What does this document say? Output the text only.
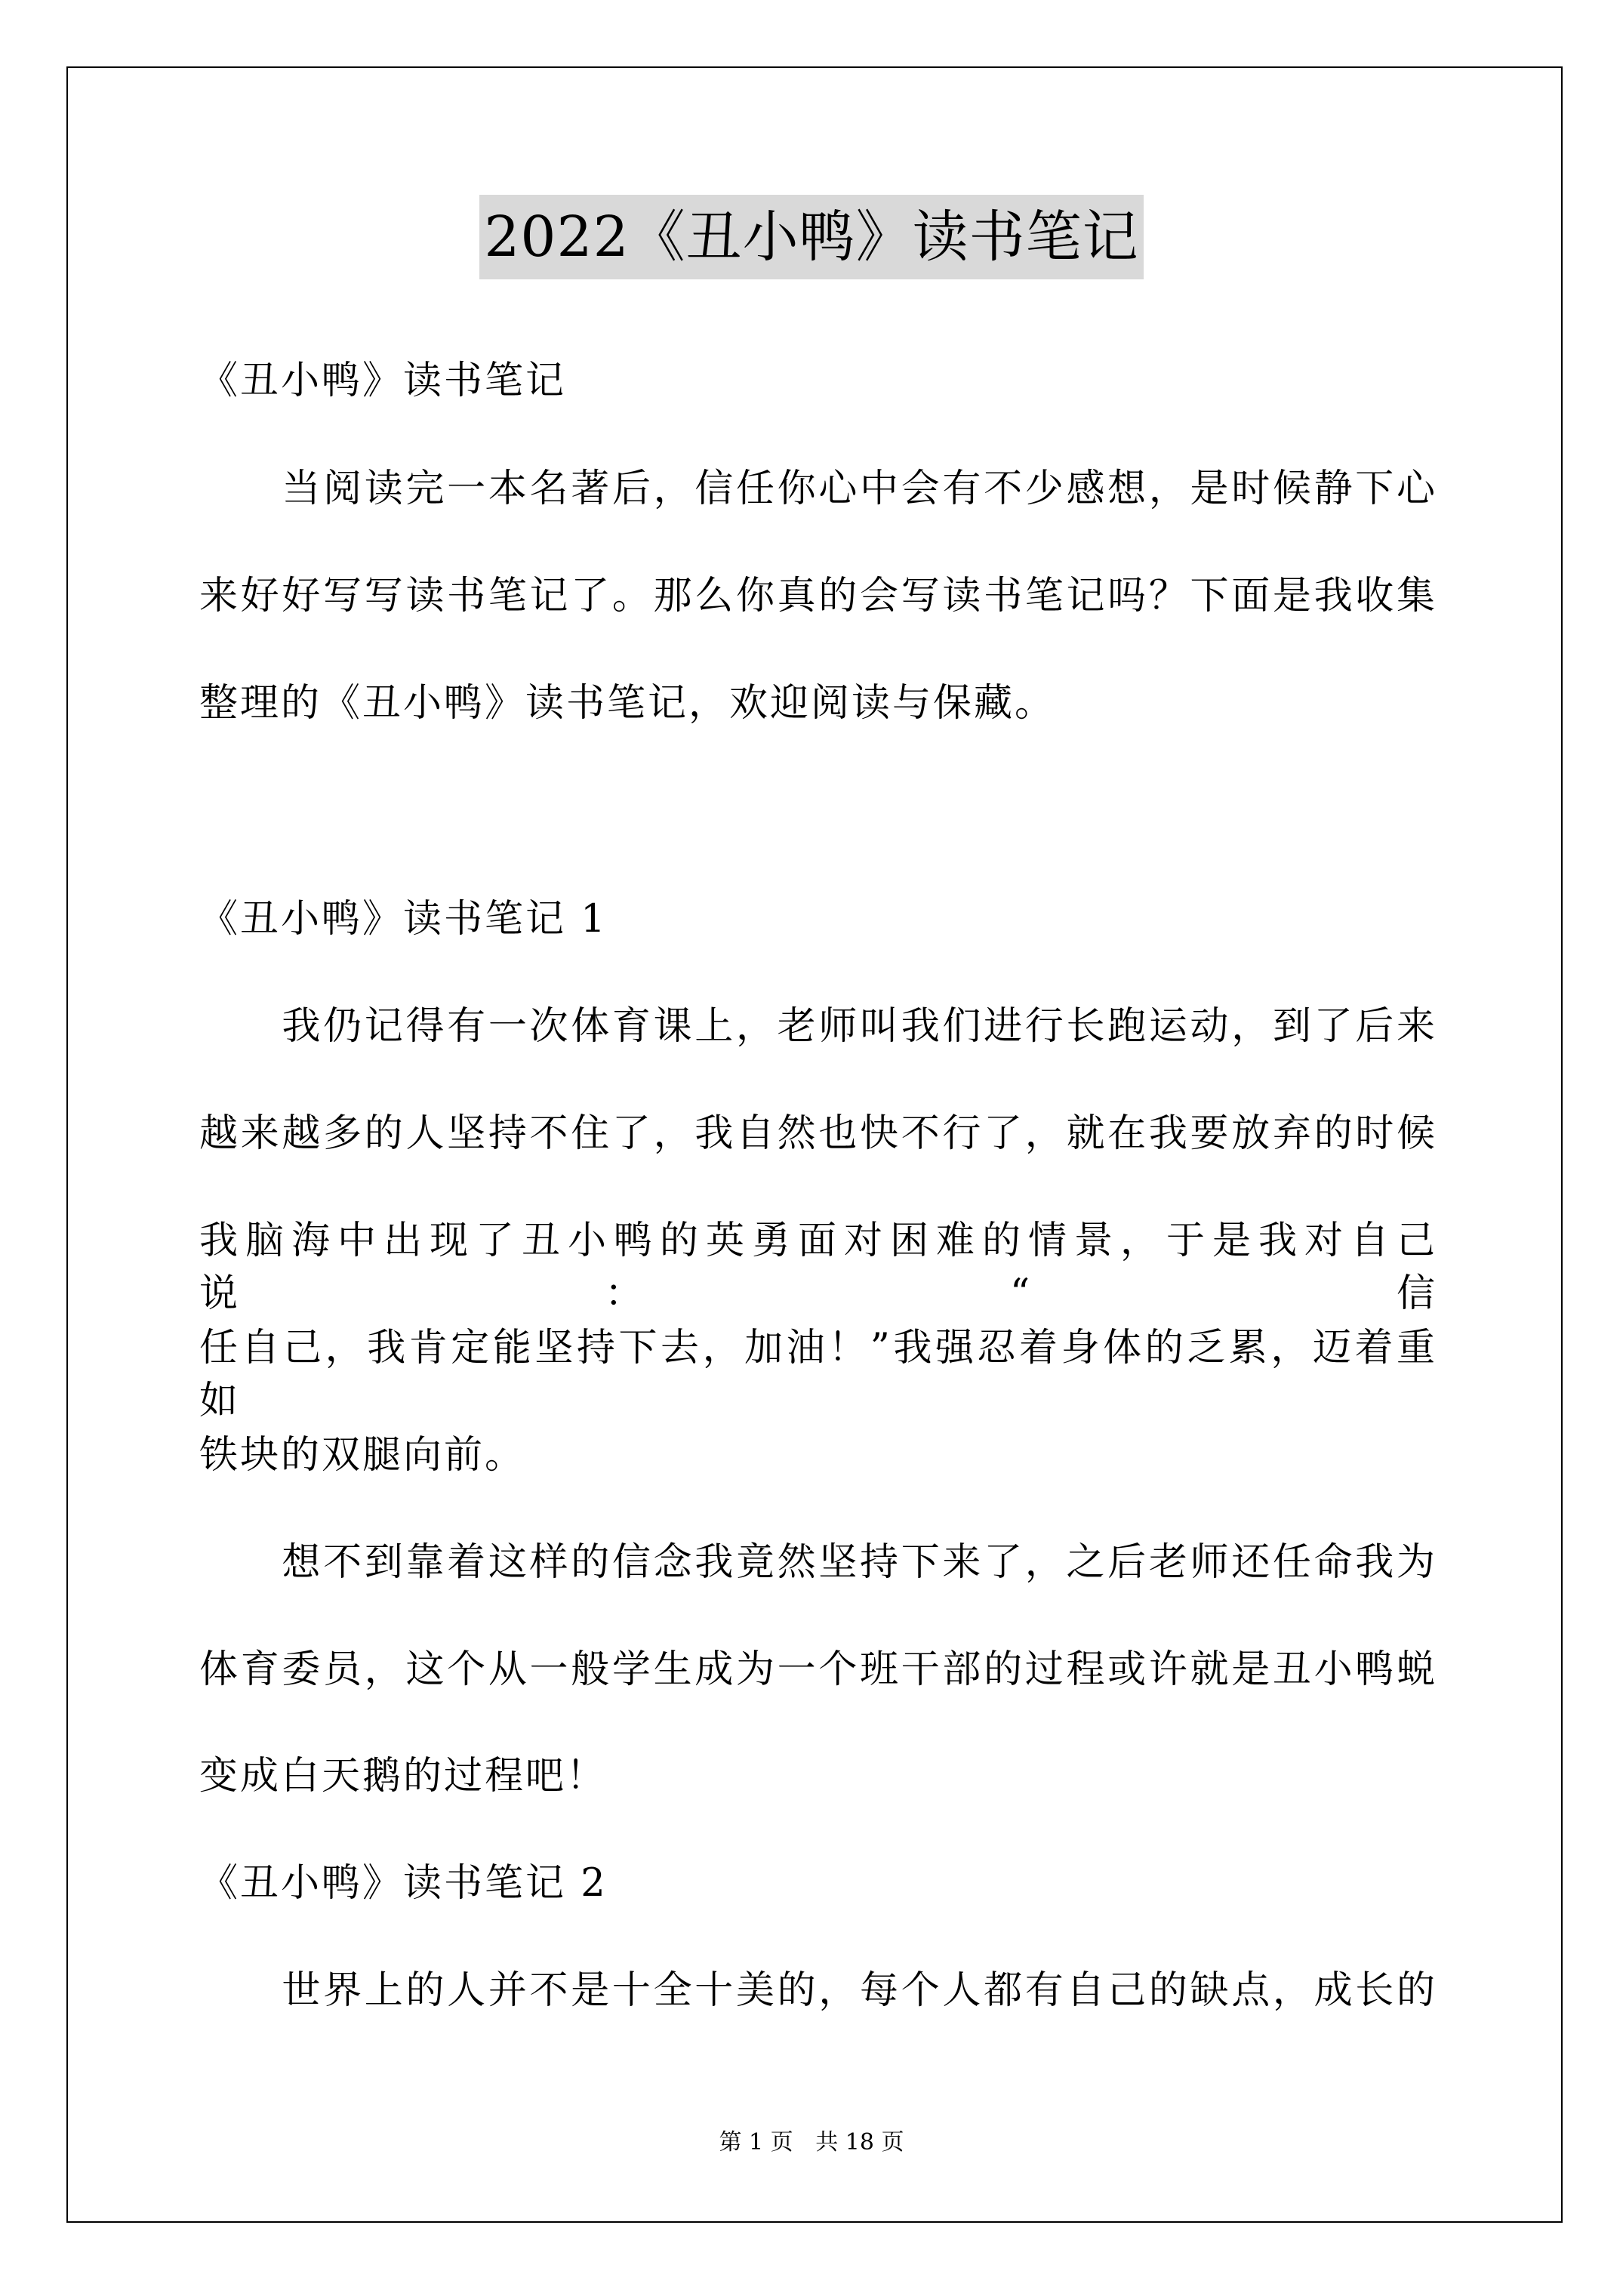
2022《丑小鸭》读书笔记
《丑小鸭》读书笔记
　　当阅读完一本名著后，信任你心中会有不少感想，是时候静下心
来好好写写读书笔记了。那么你真的会写读书笔记吗？下面是我收集
整理的《丑小鸭》读书笔记，欢迎阅读与保藏。
《丑小鸭》读书笔记 1
　　我仍记得有一次体育课上，老师叫我们进行长跑运动，到了后来
越来越多的人坚持不住了，我自然也快不行了，就在我要放弃的时候
我脑海中出现了丑小鸭的英勇面对困难的情景，于是我对自己说：“信
任自己，我肯定能坚持下去，加油！”我强忍着身体的乏累，迈着重如
铁块的双腿向前。
　　想不到靠着这样的信念我竟然坚持下来了，之后老师还任命我为
体育委员，这个从一般学生成为一个班干部的过程或许就是丑小鸭蜕
变成白天鹅的过程吧！
《丑小鸭》读书笔记 2
　　世界上的人并不是十全十美的，每个人都有自己的缺点，成长的
第 1 页 共 18 页
